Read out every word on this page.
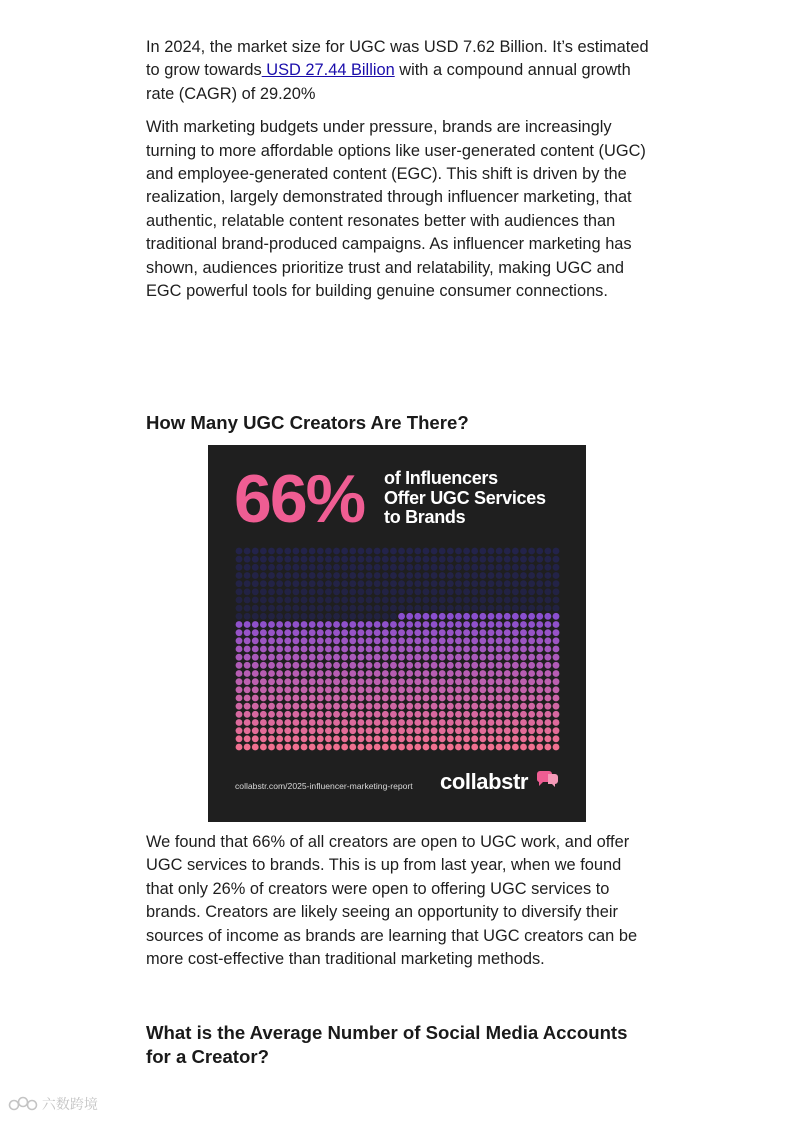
In 2024, the market size for UGC was USD 7.62 Billion. It’s estimated to grow towards USD 27.44 Billion with a compound annual growth rate (CAGR) of 29.20%

With marketing budgets under pressure, brands are increasingly turning to more affordable options like user-generated content (UGC) and employee-generated content (EGC). This shift is driven by the realization, largely demonstrated through influencer marketing, that authentic, relatable content resonates better with audiences than traditional brand-produced campaigns. As influencer marketing has shown, audiences prioritize trust and relatability, making UGC and EGC powerful tools for building genuine consumer connections.

How Many UGC Creators Are There?
66% of Influencers
Offer UGC Services
to Brands
collabstr.com/2025-influencer-marketing-report collabstr

We found that 66% of all creators are open to UGC work, and offer UGC services to brands. This is up from last year, when we found that only 26% of creators were open to offering UGC services to brands. Creators are likely seeing an opportunity to diversify their sources of income as brands are learning that UGC creators can be more cost-effective than traditional marketing methods.

What is the Average Number of Social Media Accounts for a Creator?
六数跨境
